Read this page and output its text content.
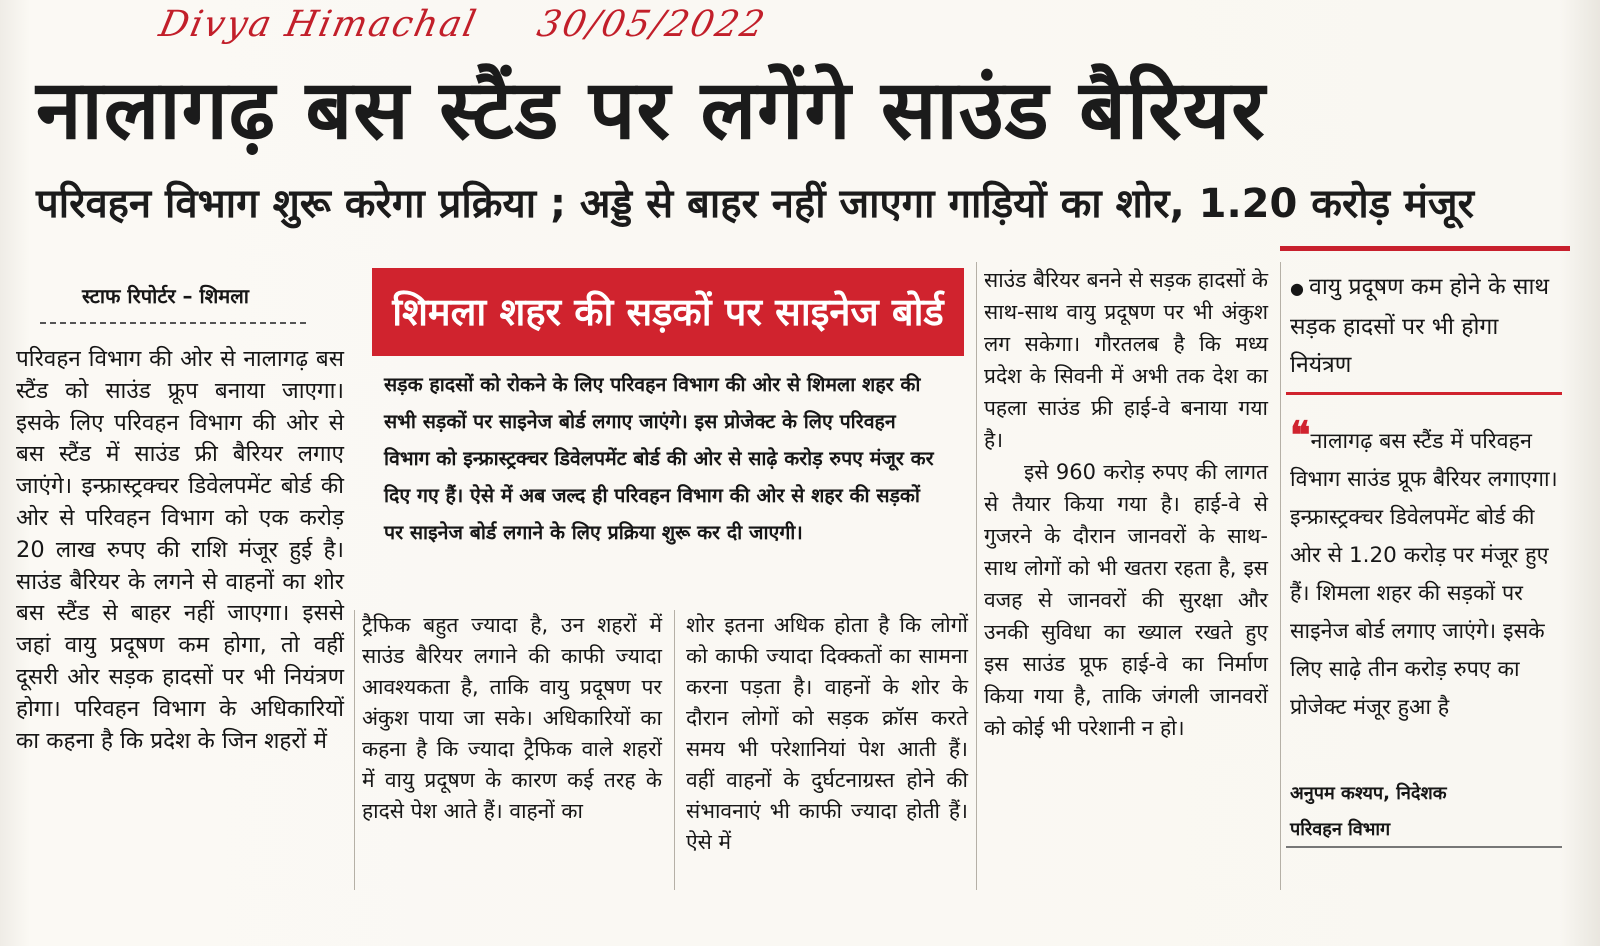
Divya Himachal 30/05/2022
नालागढ़ बस स्टैंड पर लगेंगे साउंड बैरियर
परिवहन विभाग शुरू करेगा प्रक्रिया ; अड्डे से बाहर नहीं जाएगा गाड़ियों का शोर, 1.20 करोड़ मंजूर
स्टाफ रिपोर्टर – शिमला
परिवहन विभाग की ओर से नालागढ़ बस स्टैंड को साउंड फ्रूप बनाया जाएगा। इसके लिए परिवहन विभाग की ओर से बस स्टैंड में साउंड फ्री बैरियर लगाए जाएंगे। इन्फ्रास्ट्रक्चर डिवेलपमेंट बोर्ड की ओर से परिवहन विभाग को एक करोड़ 20 लाख रुपए की राशि मंजूर हुई है। साउंड बैरियर के लगने से वाहनों का शोर बस स्टैंड से बाहर नहीं जाएगा। इससे जहां वायु प्रदूषण कम होगा, तो वहीं दूसरी ओर सड़क हादसों पर भी नियंत्रण होगा। परिवहन विभाग के अधिकारियों का कहना है कि प्रदेश के जिन शहरों में
शिमला शहर की सड़कों पर साइनेज बोर्ड
सड़क हादसों को रोकने के लिए परिवहन विभाग की ओर से शिमला शहर की सभी सड़कों पर साइनेज बोर्ड लगाए जाएंगे। इस प्रोजेक्ट के लिए परिवहन विभाग को इन्फ्रास्ट्रक्चर डिवेलपमेंट बोर्ड की ओर से साढ़े करोड़ रुपए मंजूर कर दिए गए हैं। ऐसे में अब जल्द ही परिवहन विभाग की ओर से शहर की सड़कों पर साइनेज बोर्ड लगाने के लिए प्रक्रिया शुरू कर दी जाएगी।
ट्रैफिक बहुत ज्यादा है, उन शहरों में साउंड बैरियर लगाने की काफी ज्यादा आवश्यकता है, ताकि वायु प्रदूषण पर अंकुश पाया जा सके। अधिकारियों का कहना है कि ज्यादा ट्रैफिक वाले शहरों में वायु प्रदूषण के कारण कई तरह के हादसे पेश आते हैं। वाहनों का
शोर इतना अधिक होता है कि लोगों को काफी ज्यादा दिक्कतों का सामना करना पड़ता है। वाहनों के शोर के दौरान लोगों को सड़क क्रॉस करते समय भी परेशानियां पेश आती हैं। वहीं वाहनों के दुर्घटनाग्रस्त होने की संभावनाएं भी काफी ज्यादा होती हैं। ऐसे में

साउंड बैरियर बनने से सड़क हादसों के साथ-साथ वायु प्रदूषण पर भी अंकुश लग सकेगा। गौरतलब है कि मध्य प्रदेश के सिवनी में अभी तक देश का पहला साउंड फ्री हाई-वे बनाया गया है।

इसे 960 करोड़ रुपए की लागत से तैयार किया गया है। हाई-वे से गुजरने के दौरान जानवरों के साथ-साथ लोगों को भी खतरा रहता है, इस वजह से जानवरों की सुरक्षा और उनकी सुविधा का ख्याल रखते हुए इस साउंड प्रूफ हाई-वे का निर्माण किया गया है, ताकि जंगली जानवरों को कोई भी परेशानी न हो।

● वायु प्रदूषण कम होने के साथ सड़क हादसों पर भी होगा नियंत्रण
❝नालागढ़ बस स्टैंड में परिवहन विभाग साउंड प्रूफ बैरियर लगाएगा। इन्फ्रास्ट्रक्चर डिवेलपमेंट बोर्ड की ओर से 1.20 करोड़ पर मंजूर हुए हैं। शिमला शहर की सड़कों पर साइनेज बोर्ड लगाए जाएंगे। इसके लिए साढ़े तीन करोड़ रुपए का प्रोजेक्ट मंजूर हुआ है
अनुपम कश्यप, निदेशक
परिवहन विभाग
